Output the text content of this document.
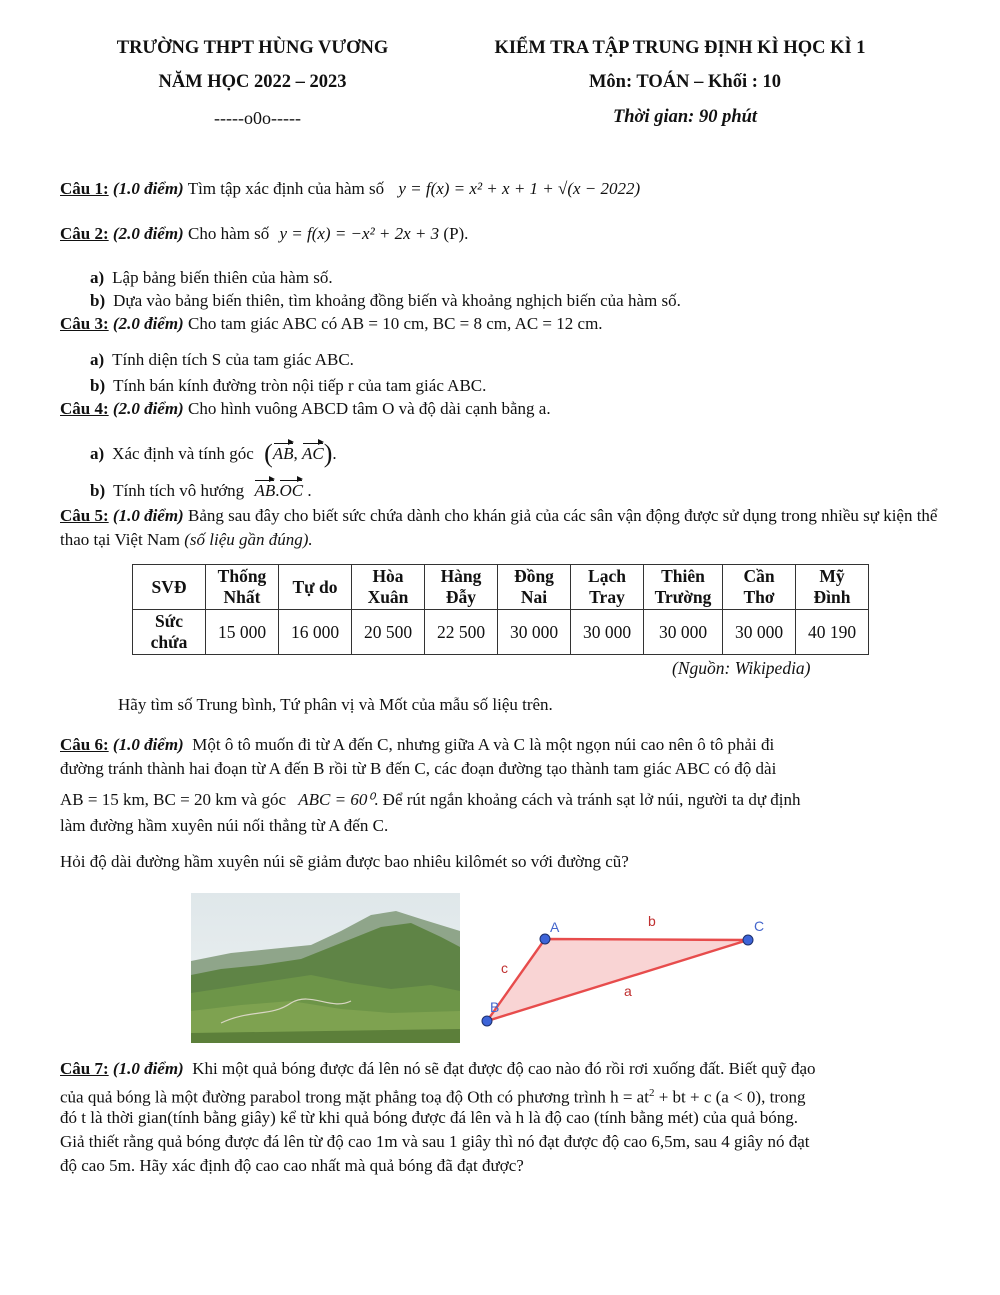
TRƯỜNG THPT HÙNG VƯƠNG	KIỂM TRA TẬP TRUNG ĐỊNH KÌ HỌC KÌ 1
NĂM HỌC 2022 – 2023	Môn: TOÁN – Khối : 10
-----o0o-----	Thời gian: 90 phút
Câu 1: (1.0 điểm) Tìm tập xác định của hàm số y = f(x) = x² + x + 1 + √(x − 2022)
Câu 2: (2.0 điểm) Cho hàm số y = f(x) = −x² + 2x + 3 (P).
a) Lập bảng biến thiên của hàm số.
b) Dựa vào bảng biến thiên, tìm khoảng đồng biến và khoảng nghịch biến của hàm số.
Câu 3: (2.0 điểm) Cho tam giác ABC có AB = 10 cm, BC = 8 cm, AC = 12 cm.
a) Tính diện tích S của tam giác ABC.
b) Tính bán kính đường tròn nội tiếp r của tam giác ABC.
Câu 4: (2.0 điểm) Cho hình vuông ABCD tâm O và độ dài cạnh bằng a.
a) Xác định và tính góc (AB, AC).
b) Tính tích vô hướng AB.OC .
Câu 5: (1.0 điểm) Bảng sau đây cho biết sức chứa dành cho khán giả của các sân vận động được sử dụng trong nhiều sự kiện thể thao tại Việt Nam (số liệu gần đúng).
SVĐ	Thống Nhất	Tự do	Hòa Xuân	Hàng Đẫy	Đồng Nai	Lạch Tray	Thiên Trường	Cần Thơ	Mỹ Đình
Sức chứa	15 000	16 000	20 500	22 500	30 000	30 000	30 000	30 000	40 190
(Nguồn: Wikipedia)
Hãy tìm số Trung bình, Tứ phân vị và Mốt của mẫu số liệu trên.
Câu 6: (1.0 điểm) Một ô tô muốn đi từ A đến C, nhưng giữa A và C là một ngọn núi cao nên ô tô phải đi
đường tránh thành hai đoạn từ A đến B rồi từ B đến C, các đoạn đường tạo thành tam giác ABC có độ dài
AB = 15 km, BC = 20 km và góc ABC = 60⁰. Để rút ngắn khoảng cách và tránh sạt lở núi, người ta dự định
làm đường hầm xuyên núi nối thẳng từ A đến C.
Hỏi độ dài đường hầm xuyên núi sẽ giảm được bao nhiêu kilômét so với đường cũ?
A	C
B
b
c
a
Câu 7: (1.0 điểm) Khi một quả bóng được đá lên nó sẽ đạt được độ cao nào đó rồi rơi xuống đất. Biết quỹ đạo
của quả bóng là một đường parabol trong mặt phẳng toạ độ Oth có phương trình $h = at^2$ + bt + c (a < 0), trong
đó t là thời gian(tính bằng giây) kể từ khi quả bóng được đá lên và h là độ cao (tính bằng mét) của quả bóng.
Giả thiết rằng quả bóng được đá lên từ độ cao 1m và sau 1 giây thì nó đạt được độ cao 6,5m, sau 4 giây nó đạt
độ cao 5m. Hãy xác định độ cao cao nhất mà quả bóng đã đạt được?
